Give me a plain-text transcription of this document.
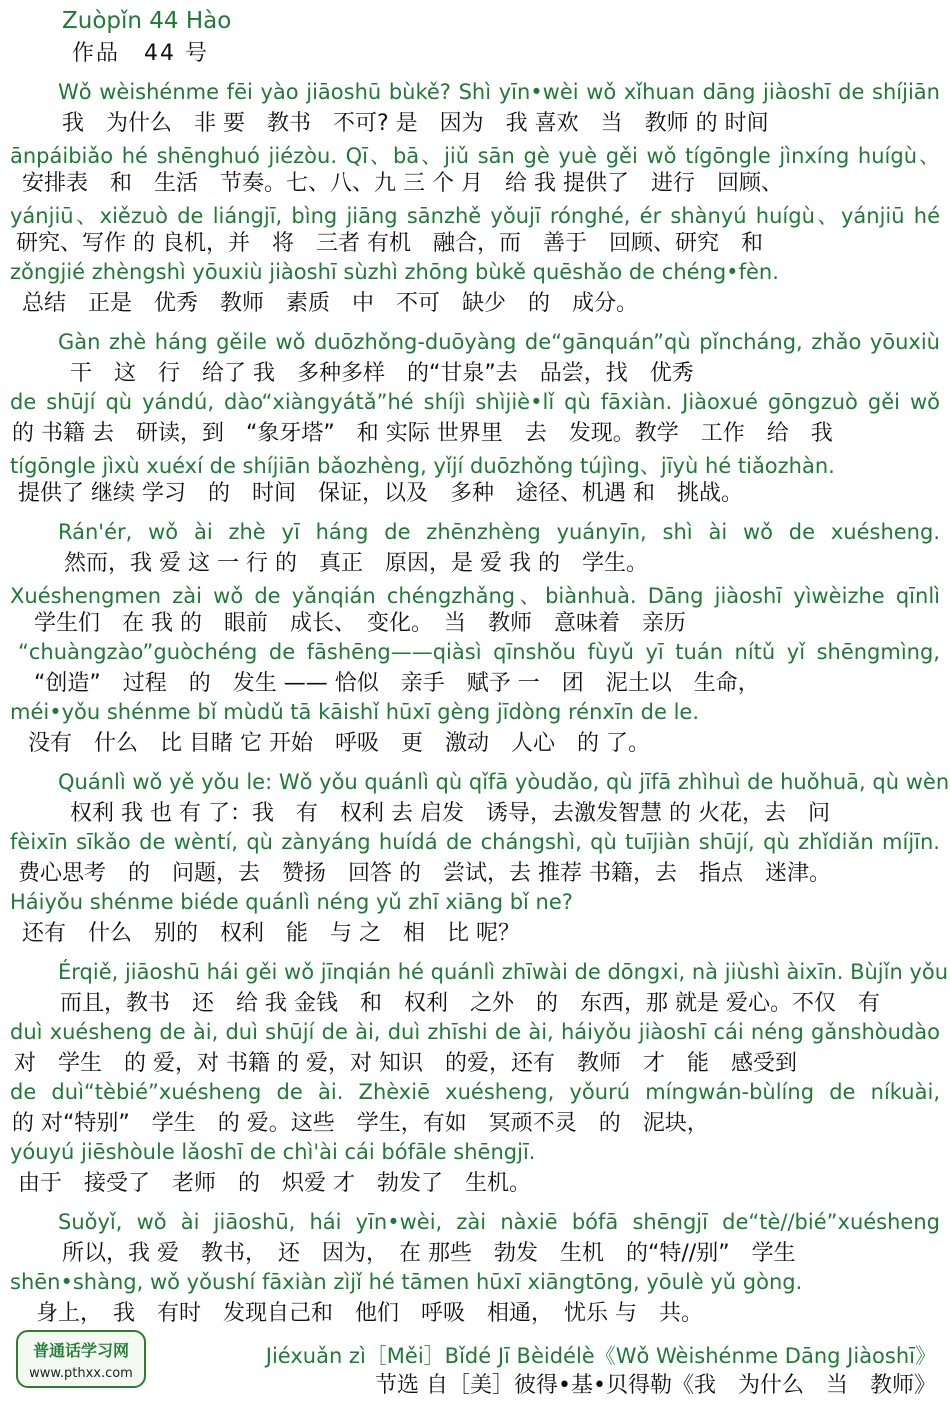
Zuòpǐn 44 Hào
作品　44 号
Wǒ wèishénme fēi yào jiāoshū bùkě? Shì yīn•wèi wǒ xǐhuan dāng jiàoshī de shíjiān
我　为什么　非 要　教书　不可? 是　因为　我 喜欢　当　教师 的 时间
ānpáibiǎo hé shēnghuó jiézòu. Qī、bā、jiǔ sān gè yuè gěi wǒ tígōngle jìnxíng huígù、
安排表　和　生活　节奏。七、八、九 三 个 月　给 我 提供了　进行　回顾、
yánjiū、xiězuò de liángjī, bìng jiāng sānzhě yǒujī rónghé, ér shànyú huígù、yánjiū hé
研究、写作 的 良机，并　将　三者 有机　融合，而　善于　回顾、研究　和
zǒngjié zhèngshì yōuxiù jiàoshī sùzhì zhōng bùkě quēshǎo de chéng•fèn.
总结　正是　优秀　教师　素质　中　不可　缺少　的　成分。
Gàn zhè háng gěile wǒ duōzhǒng-duōyàng de“gānquán”qù pǐncháng, zhǎo yōuxiù
干　这　行　给了 我　多种多样　的“甘泉”去　品尝，找　优秀
de shūjí qù yándú, dào“xiàngyátǎ”hé shíjì shìjiè•lǐ qù fāxiàn. Jiàoxué gōngzuò gěi wǒ
的 书籍 去　研读，到　“象牙塔”　和 实际 世界里　去　发现。教学　工作　给　我
tígōngle jìxù xuéxí de shíjiān bǎozhèng, yǐjí duōzhǒng tújìng、jīyù hé tiǎozhàn.
提供了 继续 学习　的　时间　保证，以及　多种　途径、机遇 和　挑战。
Rán'ér, wǒ ài zhè yī háng de zhēnzhèng yuányīn, shì ài wǒ de xuésheng.
然而，我 爱 这 一 行 的　真正　原因，是 爱 我 的　学生。
Xuéshengmen zài wǒ de yǎnqián chéngzhǎng、biànhuà. Dāng jiàoshī yìwèizhe qīnlì
学生们　在 我 的　眼前　成长、　变化。　当　教师　意味着　亲历
“chuàngzào”guòchéng de fāshēng——qiàsì qīnshǒu fùyǔ yī tuán nítǔ yǐ shēngmìng,
“创造”　过程　的　发生 —— 恰似　亲手　赋予 一　团　泥土以　生命，
méi•yǒu shénme bǐ mùdǔ tā kāishǐ hūxī gèng jīdòng rénxīn de le.
没有　什么　比 目睹 它 开始　呼吸　更　激动　人心　的 了。
Quánlì wǒ yě yǒu le: Wǒ yǒu quánlì qù qǐfā yòudǎo, qù jīfā zhìhuì de huǒhuā, qù wèn
权利 我 也 有 了：我　有　权利 去 启发　诱导，去激发智慧 的 火花，去　问
fèixīn sīkǎo de wèntí, qù zànyáng huídá de chángshì, qù tuījiàn shūjí, qù zhǐdiǎn míjīn.
费心思考　的　问题，去　赞扬　回答 的　尝试，去 推荐 书籍，去　指点　迷津。
Háiyǒu shénme biéde quánlì néng yǔ zhī xiāng bǐ ne?
还有　什么　别的　权利　能　与 之　相　比 呢？
Érqiě, jiāoshū hái gěi wǒ jīnqián hé quánlì zhīwài de dōngxi, nà jiùshì àixīn. Bùjǐn yǒu
而且，教书　还　给 我 金钱　和　权利　之外　的　东西，那 就是 爱心。不仅　有
duì xuésheng de ài, duì shūjí de ài, duì zhīshi de ài, háiyǒu jiàoshī cái néng gǎnshòudào
对　学生　的 爱，对 书籍 的 爱，对 知识　的爱，还有　教师　才　能　感受到
de duì“tèbié”xuésheng de ài. Zhèxiē xuésheng, yǒurú míngwán-bùlíng de níkuài,
的 对“特别”　学生　的 爱。这些　学生，有如　冥顽不灵　的　泥块，
yóuyú jiēshòule lǎoshī de chì'ài cái bófāle shēngjī.
由于　接受了　老师　的　炽爱 才　勃发了　生机。
Suǒyǐ, wǒ ài jiāoshū, hái yīn•wèi, zài nàxiē bófā shēngjī de“tè//bié”xuésheng
所以，我 爱　教书，　还　因为，　在 那些　勃发　生机　的“特//别”　学生
shēn•shàng, wǒ yǒushí fāxiàn zìjǐ hé tāmen hūxī xiāngtōng, yōulè yǔ gòng.
身上，　我　有时　发现自己和　他们　呼吸　相通，　忧乐 与　共。
普通话学习网
www.pthxx.com
Jiéxuǎn zì［Měi］Bǐdé Jī Bèidélè《Wǒ Wèishénme Dāng Jiàoshī》
节选 自［美］彼得•基•贝得勒《我　为什么　当　教师》
